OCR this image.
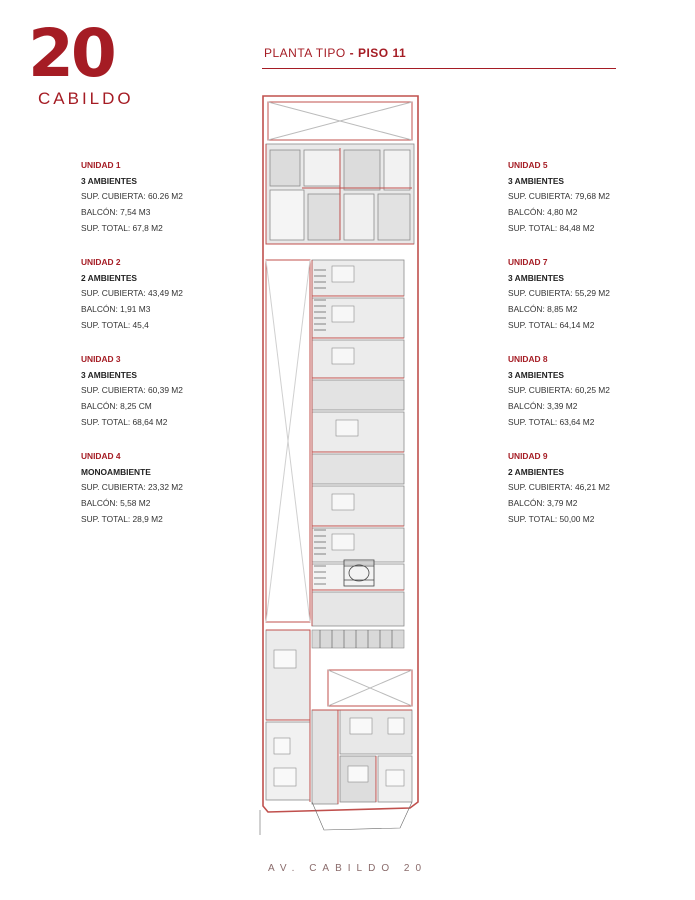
20
CABILDO
PLANTA TIPO - PISO 11
UNIDAD 1
3 AMBIENTES
SUP. CUBIERTA: 60.26 M2
BALCÓN: 7,54 M3
SUP. TOTAL: 67,8 M2
UNIDAD 2
2 AMBIENTES
SUP. CUBIERTA: 43,49 M2
BALCÓN: 1,91 M3
SUP. TOTAL: 45,4
UNIDAD 3
3 AMBIENTES
SUP. CUBIERTA: 60,39 M2
BALCÓN: 8,25 CM
SUP. TOTAL: 68,64 M2
UNIDAD 4
MONOAMBIENTE
SUP. CUBIERTA: 23,32 M2
BALCÓN: 5,58 M2
SUP. TOTAL: 28,9 M2
UNIDAD 5
3 AMBIENTES
SUP. CUBIERTA: 79,68 M2
BALCÓN: 4,80 M2
SUP. TOTAL: 84,48 M2
UNIDAD 7
3 AMBIENTES
SUP. CUBIERTA: 55,29 M2
BALCÓN: 8,85 M2
SUP. TOTAL: 64,14 M2
UNIDAD 8
3 AMBIENTES
SUP. CUBIERTA: 60,25 M2
BALCÓN: 3,39 M2
SUP. TOTAL: 63,64 M2
UNIDAD 9
2 AMBIENTES
SUP. CUBIERTA: 46,21 M2
BALCÓN: 3,79 M2
SUP. TOTAL: 50,00 M2
AV. CABILDO 20
